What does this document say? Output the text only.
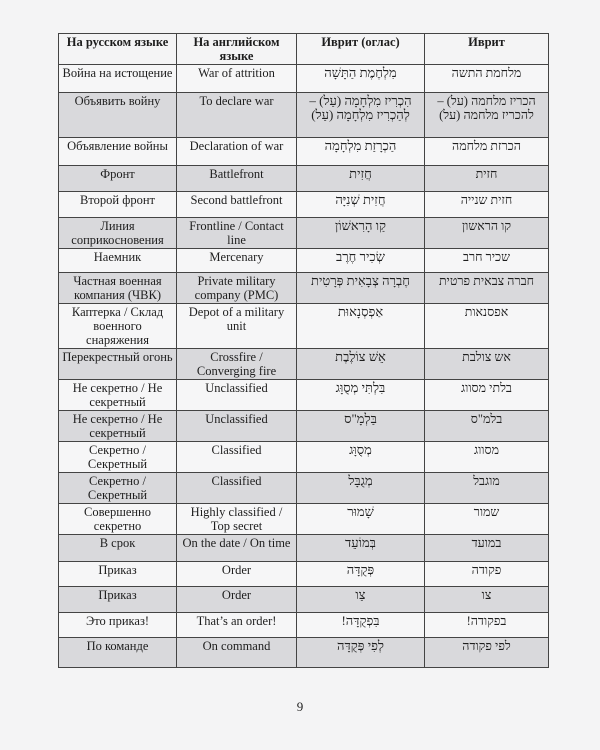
На русском языке	На английском языке	Иврит (оглас)	Иврит
Война на истощение	War of attrition	מִלְחֶמֶת הַתָּשָׁה	מלחמת התשה
Объявить войну	To declare war	הִכְרִיז מִלְחָמָה (עַל) – לְהַכְרִיז מִלְחָמָה (עַל)	הכריז מלחמה (על) – להכריז מלחמה (על)
Объявление войны	Declaration of war	הַכְרָזַת מִלְחָמָה	הכרזת מלחמה
Фронт	Battlefront	חֲזִית	חזית
Второй фронт	Second battlefront	חֲזִית שְׁנִיָּה	חזית שנייה
Линия соприкосновения	Frontline / Contact line	קַו הָרִאשׁוֹן	קו הראשון
Наемник	Mercenary	שְׂכִיר חֶרֶב	שכיר חרב
Частная военная компания (ЧВК)	Private military company (PMC)	חֶבְרָה צְבָאִית פְּרָטִית	חברה צבאית פרטית
Каптерка / Склад военного снаряжения	Depot of a military unit	אַפְסְנָאוּת	אפסנאות
Перекрестный огонь	Crossfire / Converging fire	אֵשׁ צוֹלֶבֶת	אש צולבת
Не секретно / Не секретный	Unclassified	בִּלְתִּי מְסֻוָּג	בלתי מסווג
Не секретно / Не секретный	Unclassified	בַּלְמָ"ס	בלמ"ס
Секретно / Секретный	Classified	מְסֻוָּג	מסווג
Секретно / Секретный	Classified	מְגֻבָּל	מוגבל
Совершенно секретно	Highly classified / Top secret	שָׁמוּר	שמור
В срок	On the date / On time	בְּמוֹעֵד	במועד
Приказ	Order	פְּקֻדָּה	פקודה
Приказ	Order	צַו	צו
Это приказ!	That’s an order!	בִּפְקֻדָּה!	בפקודה!
По команде	On command	לְפִי פְּקֻדָּה	לפי פקודה
9
